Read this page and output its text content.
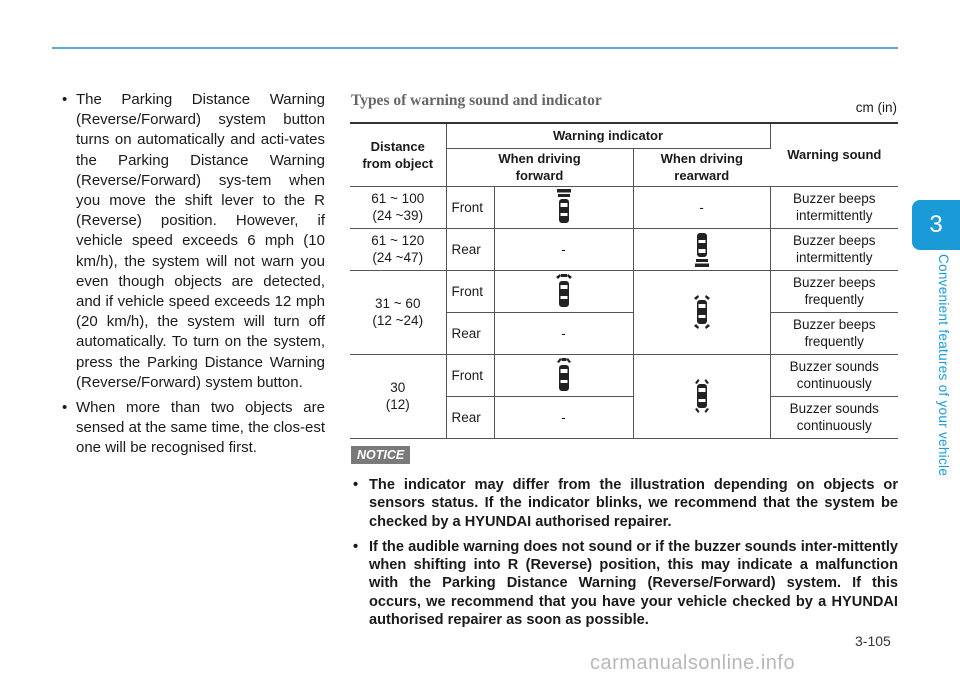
3
Convenient features of your vehicle

• The Parking Distance Warning (Reverse/Forward) system button turns on automatically and acti-vates the Parking Distance Warning (Reverse/Forward) sys-tem when you move the shift lever to the R (Reverse) position. However, if vehicle speed exceeds 6 mph (10 km/h), the system will not warn you even though objects are detected, and if vehicle speed exceeds 12 mph (20 km/h), the system will turn off automatically. To turn on the system, press the Parking Distance Warning (Reverse/Forward) system button.

• When more than two objects are sensed at the same time, the clos-est one will be recognised first.

Types of warning sound and indicator	cm (in)
Distance
from object	Warning indicator			Warning sound
	When driving
forward		When driving
rearward	
61 ~ 100
(24 ~39)	Front		-	Buzzer beeps
intermittently
61 ~ 120
(24 ~47)	Rear	-		Buzzer beeps
intermittently
31 ~ 60
(12 ~24)	Front			Buzzer beeps
frequently
	Rear	-		Buzzer beeps
frequently
30
(12)	Front			Buzzer sounds
continuously
	Rear	-		Buzzer sounds
continuously
NOTICE

• The indicator may differ from the illustration depending on objects or sensors status. If the indicator blinks, we recommend that the system be checked by a HYUNDAI authorised repairer.

• If the audible warning does not sound or if the buzzer sounds inter-mittently when shifting into R (Reverse) position, this may indicate a malfunction with the Parking Distance Warning (Reverse/Forward) system. If this occurs, we recommend that you have your vehicle checked by a HYUNDAI authorised repairer as soon as possible.

3-105
carmanualsonline.info
